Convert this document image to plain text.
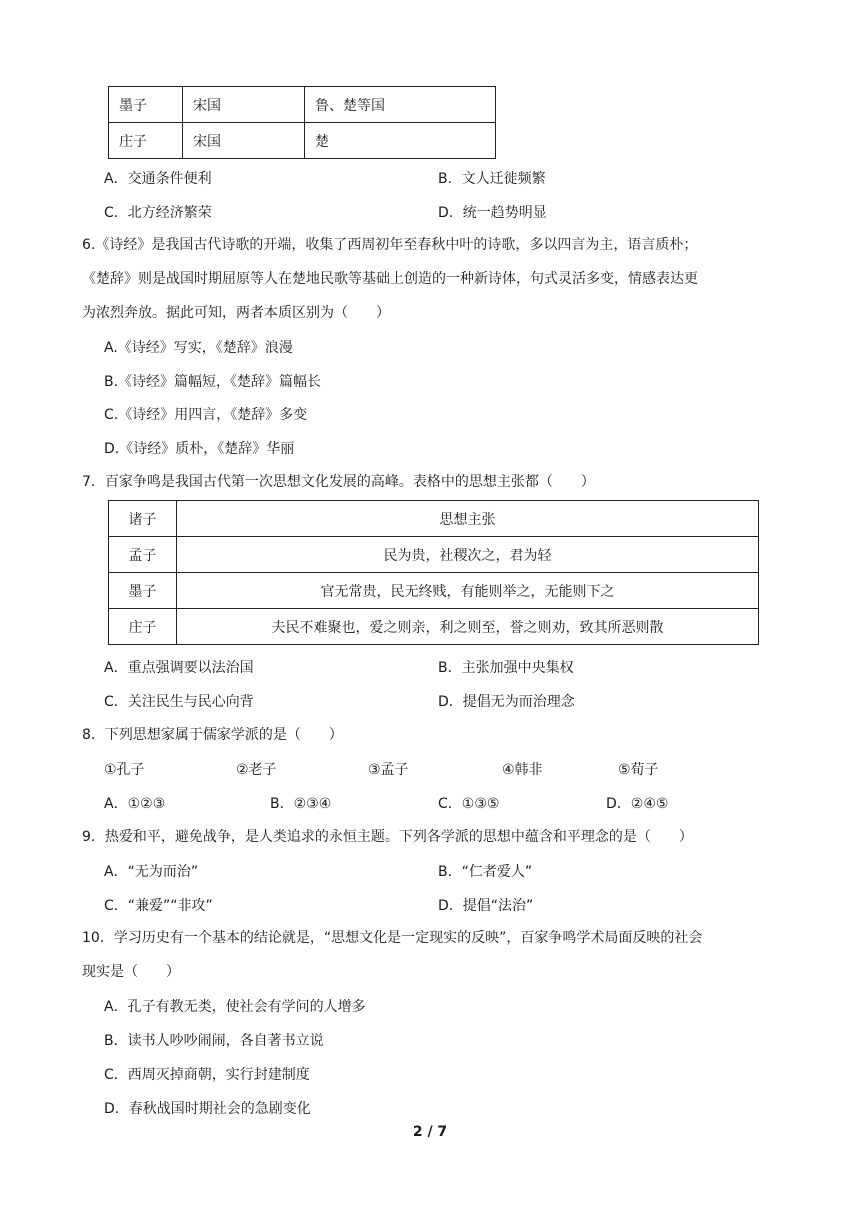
墨子	宋国	鲁、楚等国
庄子	宋国	楚
A．交通条件便利	B．文人迁徙频繁
C．北方经济繁荣	D．统一趋势明显
6.《诗经》是我国古代诗歌的开端，收集了西周初年至春秋中叶的诗歌，多以四言为主，语言质朴；
《楚辞》则是战国时期屈原等人在楚地民歌等基础上创造的一种新诗体，句式灵活多变，情感表达更
为浓烈奔放。据此可知，两者本质区别为（　　）
A.《诗经》写实，《楚辞》浪漫
B.《诗经》篇幅短，《楚辞》篇幅长
C.《诗经》用四言，《楚辞》多变
D.《诗经》质朴，《楚辞》华丽
7．百家争鸣是我国古代第一次思想文化发展的高峰。表格中的思想主张都（　　）
诸子	思想主张
孟子	民为贵，社稷次之，君为轻
墨子	官无常贵，民无终贱，有能则举之，无能则下之
庄子	夫民不难聚也，爱之则亲，利之则至，誉之则劝，致其所恶则散
A．重点强调要以法治国	B．主张加强中央集权
C．关注民生与民心向背	D．提倡无为而治理念
8．下列思想家属于儒家学派的是（　　）
①孔子	②老子	③孟子	④韩非	⑤荀子
A．①②③	B．②③④	C．①③⑤	D．②④⑤
9．热爱和平，避免战争，是人类追求的永恒主题。下列各学派的思想中蕴含和平理念的是（　　）
A．“无为而治”	B．“仁者爱人”
C．“兼爱”“非攻”	D．提倡“法治”
10．学习历史有一个基本的结论就是，“思想文化是一定现实的反映”，百家争鸣学术局面反映的社会
现实是（　　）
A．孔子有教无类，使社会有学问的人增多
B．读书人吵吵闹闹，各自著书立说
C．西周灭掉商朝，实行封建制度
D．春秋战国时期社会的急剧变化
2 / 7
